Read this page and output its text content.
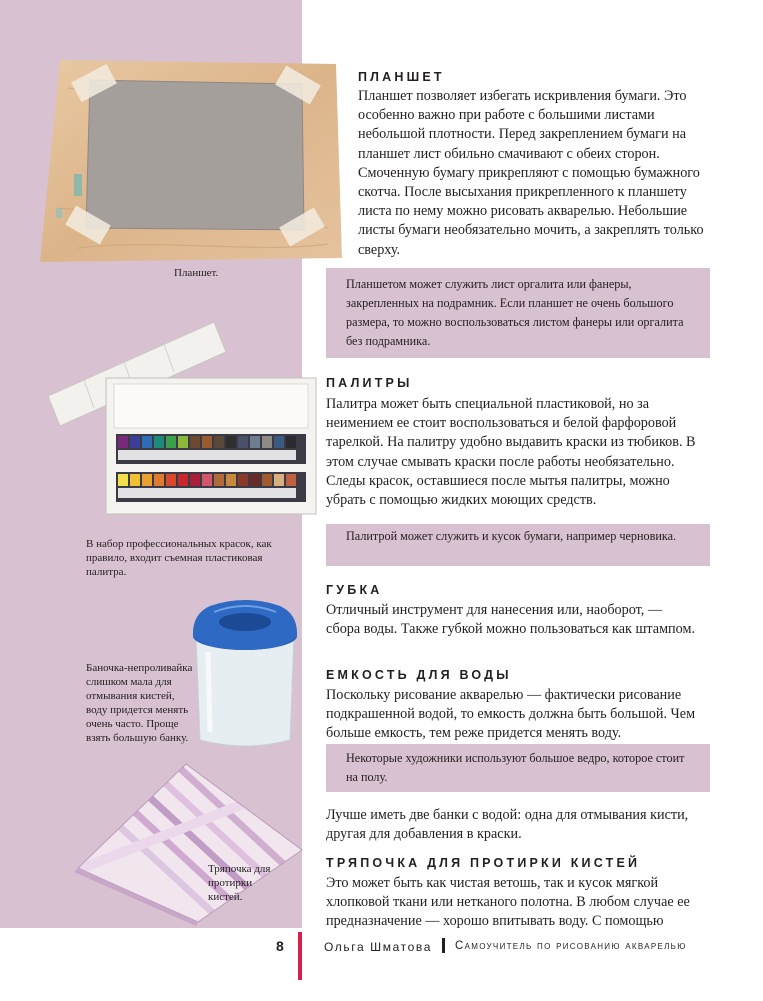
Планшет.
В набор профессиональных красок, как правило, входит съемная пластиковая палитра.
Баночка-непроливайка слишком мала для отмывания кистей, воду придется менять очень часто. Проще взять большую банку.
Тряпочка для протирки кистей.
ПЛАНШЕТ

Планшет позволяет избегать искривления бумаги. Это особенно важно при работе с большими листами небольшой плотности. Перед закреплением бумаги на планшет лист обильно смачивают с обеих сторон. Смоченную бумагу прикрепляют с помощью бумажного скотча. После высыхания прикрепленного к планшету листа по нему можно рисовать акварелью. Небольшие листы бумаги необязательно мочить, а закреплять только сверху.

Планшетом может служить лист оргалита или фанеры, закрепленных на подрамник. Если планшет не очень большого размера, то можно воспользоваться листом фанеры или оргалита без подрамника.
ПАЛИТРЫ

Палитра может быть специальной пластиковой, но за неимением ее стоит воспользоваться и белой фарфоровой тарелкой. На палитру удобно выдавить краски из тюбиков. В этом случае смывать краски после работы необязательно. Следы красок, оставшиеся после мытья палитры, можно убрать с помощью жидких моющих средств.

Палитрой может служить и кусок бумаги, например черновика.
ГУБКА

Отличный инструмент для нанесения или, наоборот, — сбора воды. Также губкой можно пользоваться как штампом.

ЕМКОСТЬ ДЛЯ ВОДЫ

Поскольку рисование акварелью — фактически рисование подкрашенной водой, то емкость должна быть большой. Чем больше емкость, тем реже придется менять воду.

Некоторые художники используют большое ведро, которое стоит на полу.

Лучше иметь две банки с водой: одна для отмывания кисти, другая для добавления в краски.

ТРЯПОЧКА ДЛЯ ПРОТИРКИ КИСТЕЙ

Это может быть как чистая ветошь, так и кусок мягкой хлопковой ткани или нетканого полотна. В любом случае ее предназначение — хорошо впитывать воду. С помощью

8	Ольга Шматова Самоучитель по рисованию акварелью
